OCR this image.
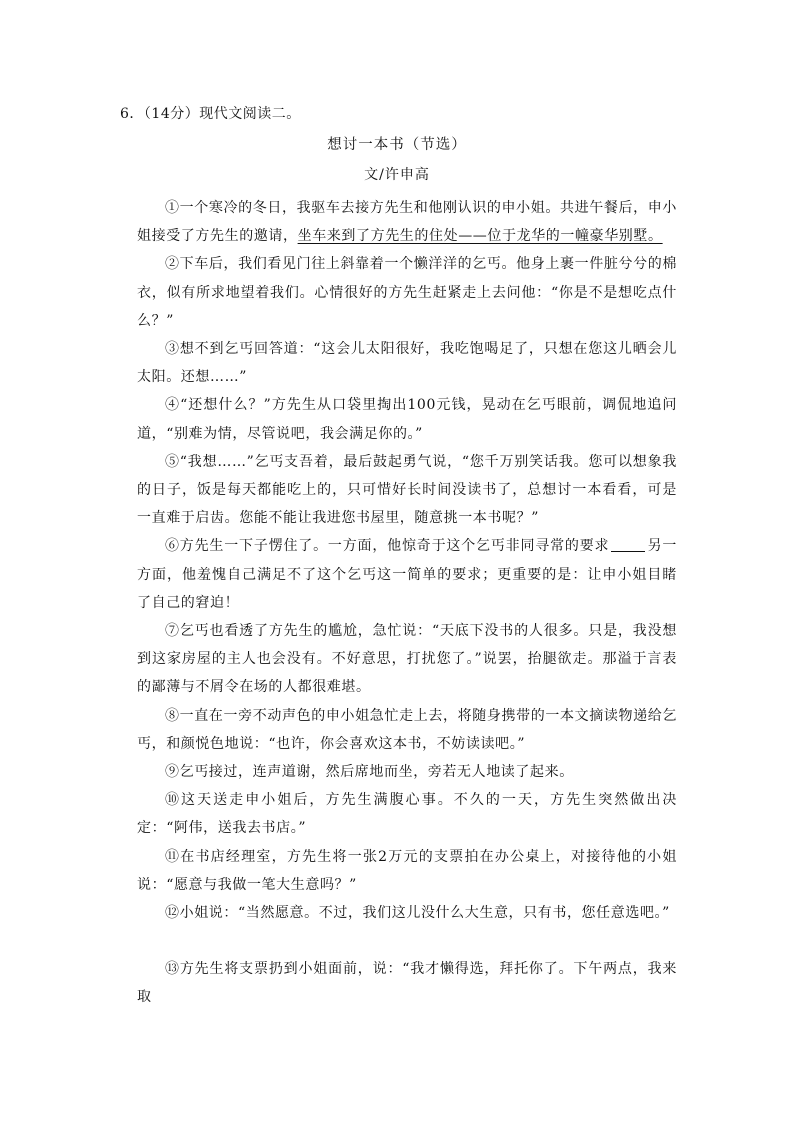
6．（14分）现代文阅读二。
想讨一本书（节选）
文/许申高

①一个寒冷的冬日，我驱车去接方先生和他刚认识的申小姐。共进午餐后，申小姐接受了方先生的邀请，坐车来到了方先生的住处——位于龙华的一幢豪华别墅。

②下车后，我们看见门往上斜靠着一个懒洋洋的乞丐。他身上裹一件脏兮兮的棉衣，似有所求地望着我们。心情很好的方先生赶紧走上去问他：“你是不是想吃点什么？”

③想不到乞丐回答道：“这会儿太阳很好，我吃饱喝足了，只想在您这儿晒会儿太阳。还想……”

④“还想什么？”方先生从口袋里掏出100元钱，晃动在乞丐眼前，调侃地追问道，“别难为情，尽管说吧，我会满足你的。”

⑤“我想……”乞丐支吾着，最后鼓起勇气说，“您千万别笑话我。您可以想象我的日子，饭是每天都能吃上的，只可惜好长时间没读书了，总想讨一本看看，可是一直难于启齿。您能不能让我进您书屋里，随意挑一本书呢？”

⑥方先生一下子愣住了。一方面，他惊奇于这个乞丐非同寻常的要求	另一方面，他羞愧自己满足不了这个乞丐这一简单的要求；更重要的是：让申小姐目睹了自己的窘迫！

⑦乞丐也看透了方先生的尴尬，急忙说：“天底下没书的人很多。只是，我没想到这家房屋的主人也会没有。不好意思，打扰您了。”说罢，抬腿欲走。那溢于言表的鄙薄与不屑令在场的人都很难堪。

⑧一直在一旁不动声色的申小姐急忙走上去，将随身携带的一本文摘读物递给乞丐，和颜悦色地说：“也许，你会喜欢这本书，不妨读读吧。”

⑨乞丐接过，连声道谢，然后席地而坐，旁若无人地读了起来。

⑩这天送走申小姐后，方先生满腹心事。不久的一天，方先生突然做出决定：“阿伟，送我去书店。”

⑪在书店经理室，方先生将一张2万元的支票拍在办公桌上，对接待他的小姐说：“愿意与我做一笔大生意吗？”

⑫小姐说：“当然愿意。不过，我们这儿没什么大生意，只有书，您任意选吧。”

⑬方先生将支票扔到小姐面前，说：“我才懒得选，拜托你了。下午两点，我来取
